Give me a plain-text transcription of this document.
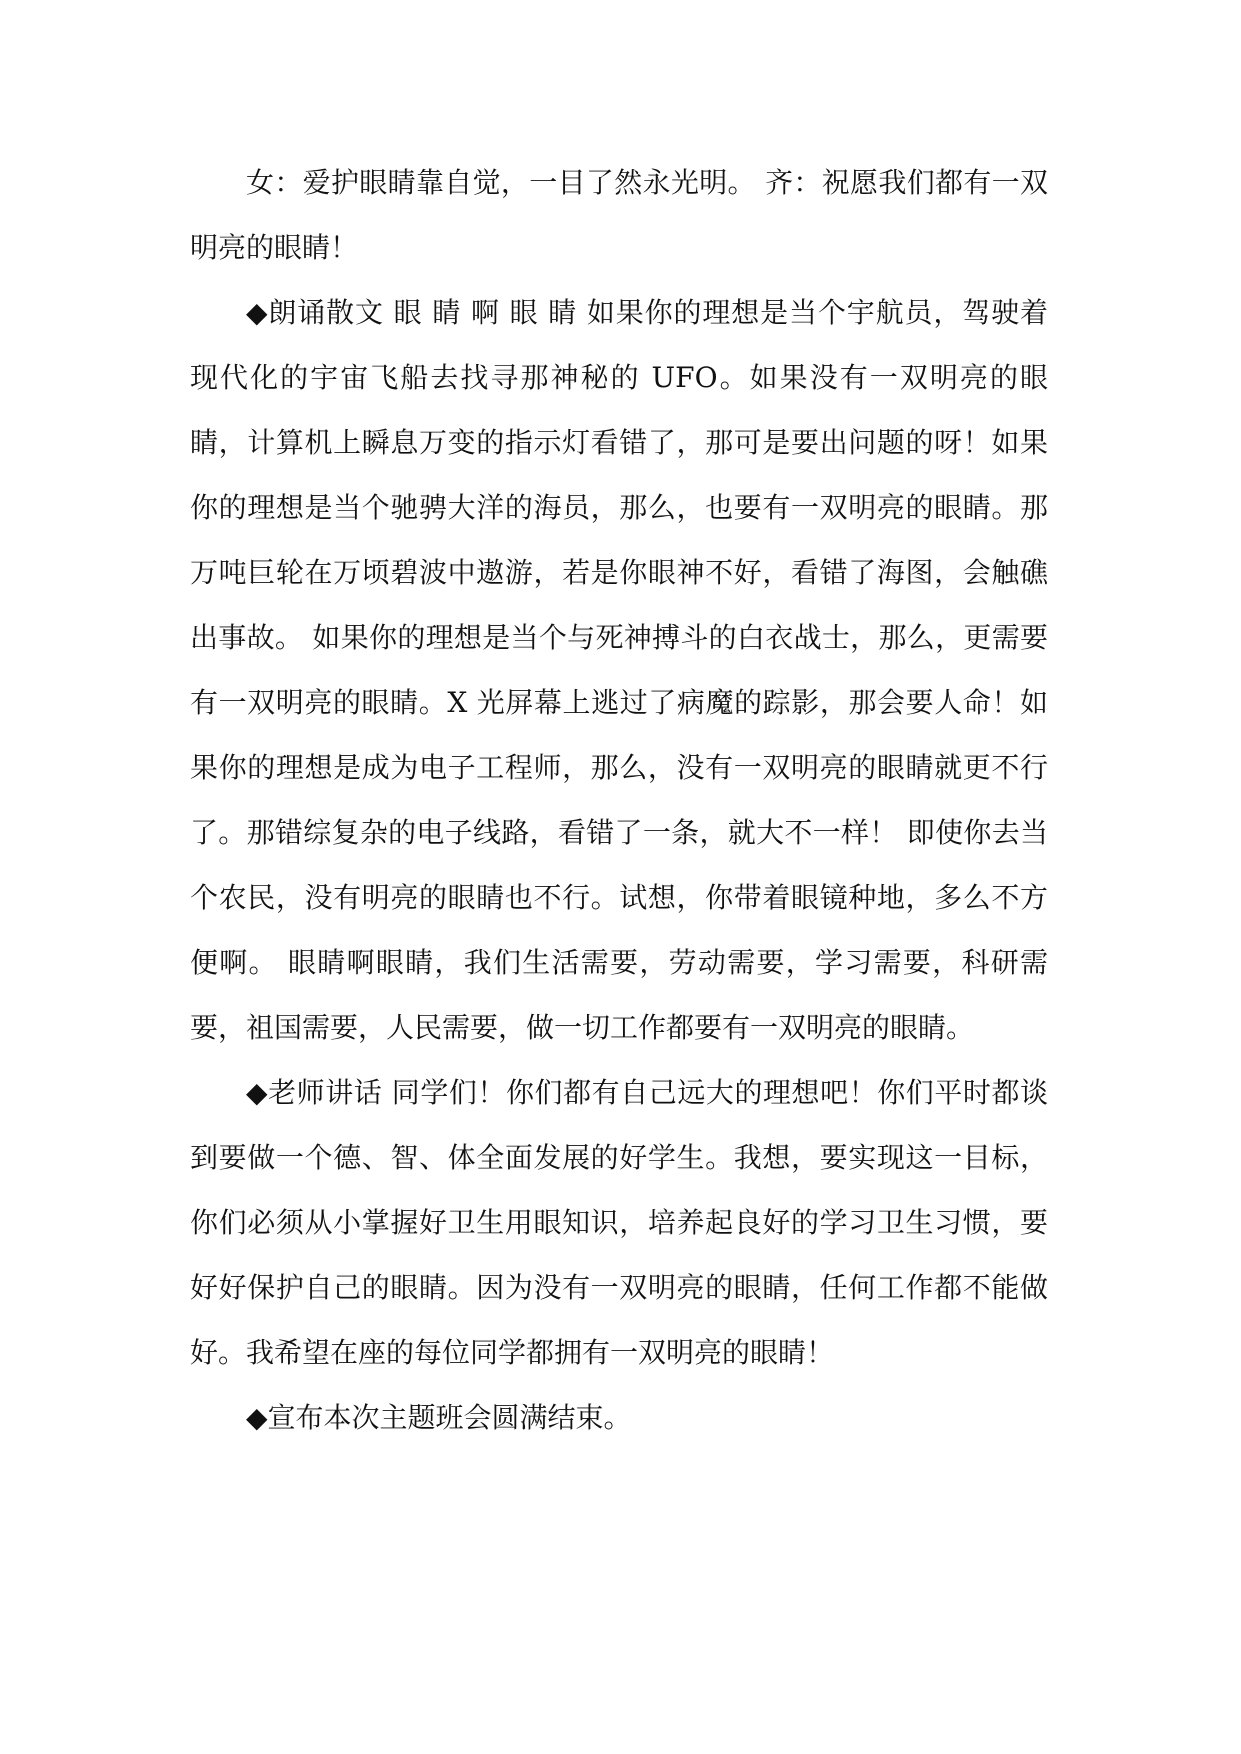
女：爱护眼睛靠自觉，一目了然永光明。 齐：祝愿我们都有一双明亮的眼睛！

◆朗诵散文 眼 睛 啊 眼 睛 如果你的理想是当个宇航员，驾驶着现代化的宇宙飞船去找寻那神秘的 UFO。如果没有一双明亮的眼睛，计算机上瞬息万变的指示灯看错了，那可是要出问题的呀！如果你的理想是当个驰骋大洋的海员，那么，也要有一双明亮的眼睛。那万吨巨轮在万顷碧波中遨游，若是你眼神不好，看错了海图，会触礁出事故。 如果你的理想是当个与死神搏斗的白衣战士，那么，更需要有一双明亮的眼睛。X 光屏幕上逃过了病魔的踪影，那会要人命！如果你的理想是成为电子工程师，那么，没有一双明亮的眼睛就更不行了。那错综复杂的电子线路，看错了一条，就大不一样！ 即使你去当个农民，没有明亮的眼睛也不行。试想，你带着眼镜种地，多么不方便啊。 眼睛啊眼睛，我们生活需要，劳动需要，学习需要，科研需要，祖国需要，人民需要，做一切工作都要有一双明亮的眼睛。

◆老师讲话 同学们！你们都有自己远大的理想吧！你们平时都谈到要做一个德、智、体全面发展的好学生。我想，要实现这一目标，你们必须从小掌握好卫生用眼知识，培养起良好的学习卫生习惯，要好好保护自己的眼睛。因为没有一双明亮的眼睛，任何工作都不能做好。我希望在座的每位同学都拥有一双明亮的眼睛！

◆宣布本次主题班会圆满结束。
